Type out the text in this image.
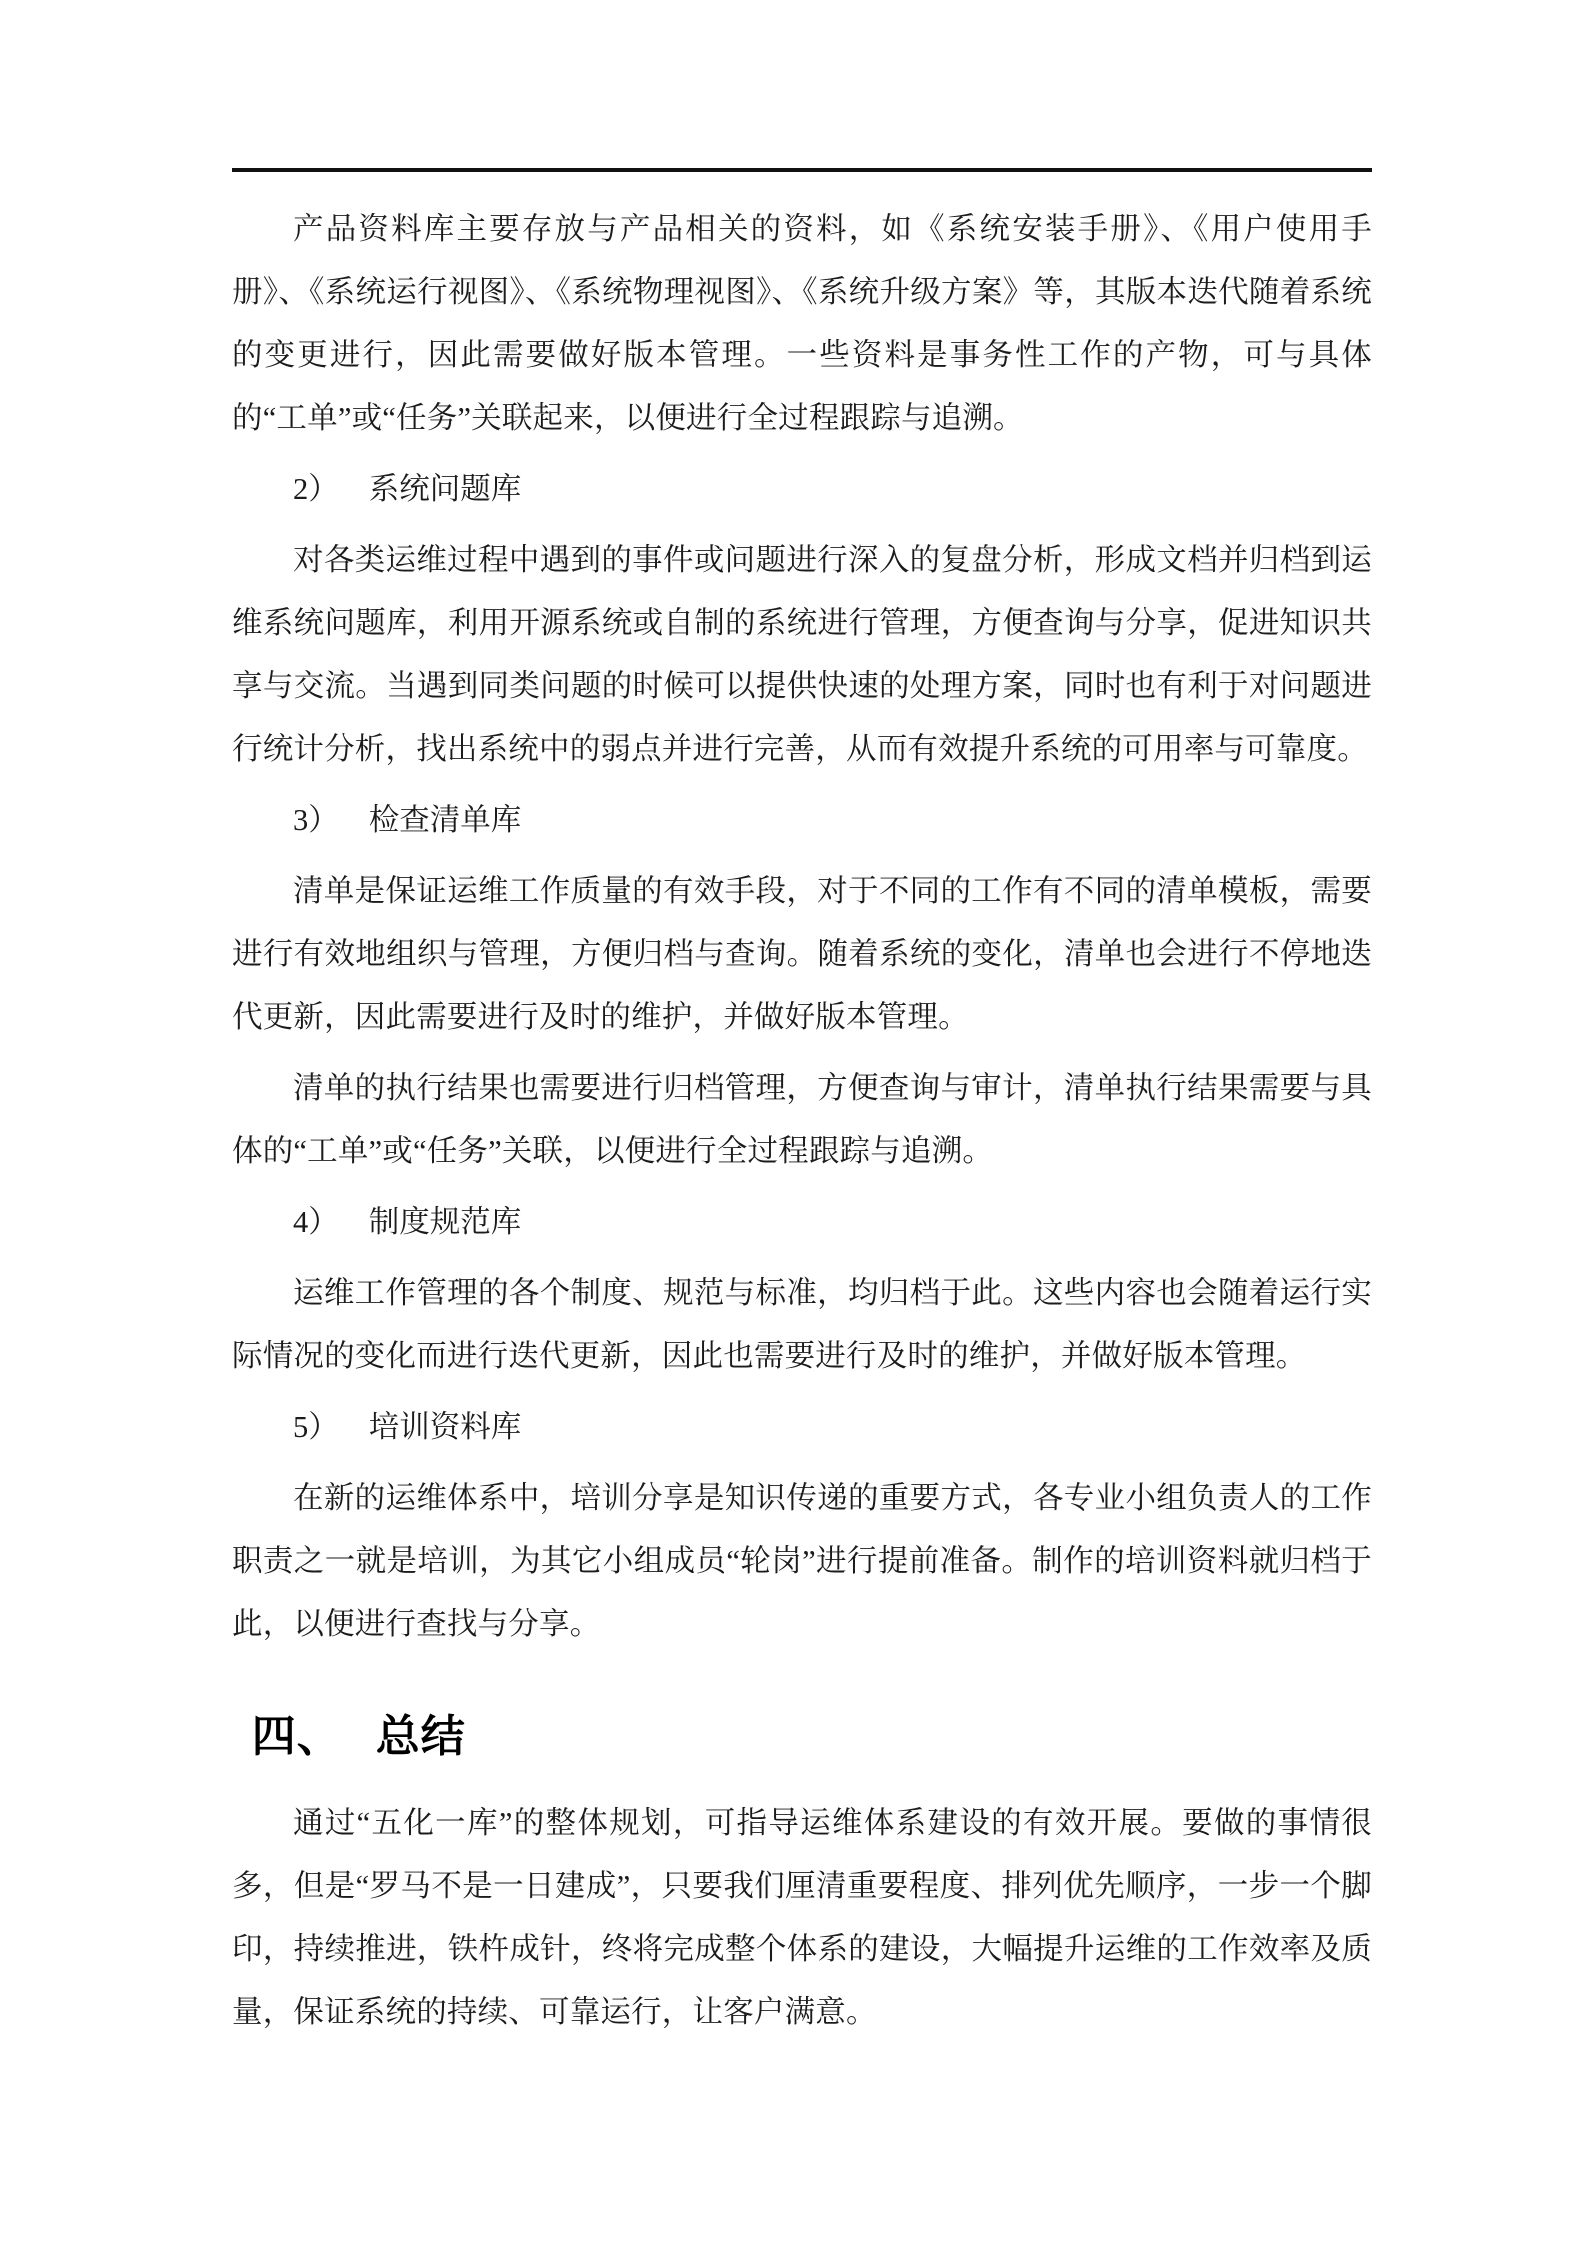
产品资料库主要存放与产品相关的资料，如《系统安装手册》、《用户使用手册》、《系统运行视图》、《系统物理视图》、《系统升级方案》等，其版本迭代随着系统的变更进行，因此需要做好版本管理。一些资料是事务性工作的产物，可与具体的“工单”或“任务”关联起来，以便进行全过程跟踪与追溯。

2） 系统问题库

对各类运维过程中遇到的事件或问题进行深入的复盘分析，形成文档并归档到运维系统问题库，利用开源系统或自制的系统进行管理，方便查询与分享，促进知识共享与交流。当遇到同类问题的时候可以提供快速的处理方案，同时也有利于对问题进行统计分析，找出系统中的弱点并进行完善，从而有效提升系统的可用率与可靠度。

3） 检查清单库

清单是保证运维工作质量的有效手段，对于不同的工作有不同的清单模板，需要进行有效地组织与管理，方便归档与查询。随着系统的变化，清单也会进行不停地迭代更新，因此需要进行及时的维护，并做好版本管理。

清单的执行结果也需要进行归档管理，方便查询与审计，清单执行结果需要与具体的“工单”或“任务”关联，以便进行全过程跟踪与追溯。

4） 制度规范库

运维工作管理的各个制度、规范与标准，均归档于此。这些内容也会随着运行实际情况的变化而进行迭代更新，因此也需要进行及时的维护，并做好版本管理。

5） 培训资料库

在新的运维体系中，培训分享是知识传递的重要方式，各专业小组负责人的工作职责之一就是培训，为其它小组成员“轮岗”进行提前准备。制作的培训资料就归档于此，以便进行查找与分享。

四、 总结

通过“五化一库”的整体规划，可指导运维体系建设的有效开展。要做的事情很多，但是“罗马不是一日建成”，只要我们厘清重要程度、排列优先顺序，一步一个脚印，持续推进，铁杵成针，终将完成整个体系的建设，大幅提升运维的工作效率及质量，保证系统的持续、可靠运行，让客户满意。
